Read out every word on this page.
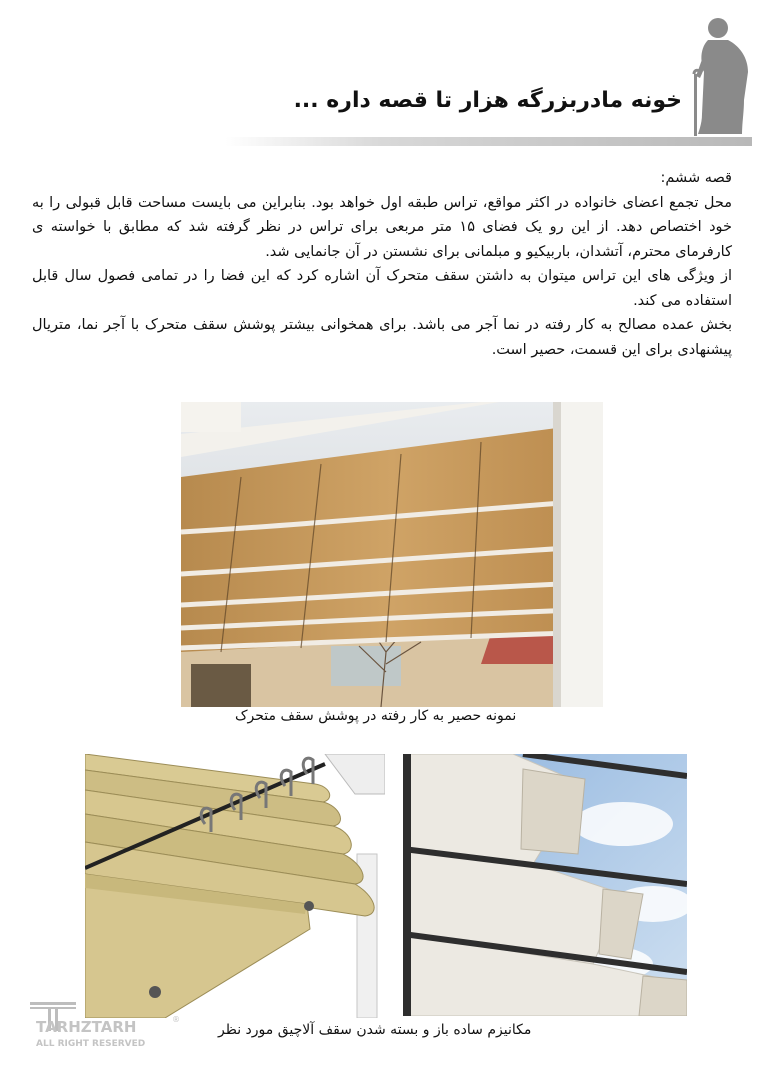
خونه مادربزرگه هزار تا قصه داره ...

قصه ششم:

محل تجمع اعضای خانواده در اکثر مواقع، تراس طبقه اول خواهد بود. بنابراین می بایست مساحت قابل قبولی را به خود اختصاص دهد. از این رو یک فضای ۱۵ متر مربعی برای تراس در نظر گرفته شد که مطابق با خواسته ی کارفرمای محترم، آتشدان، باربیکیو و مبلمانی برای نشستن در آن جانمایی شد.

از ویژگی های این تراس میتوان به داشتن سقف متحرک آن اشاره کرد که این فضا را در تمامی فصول سال قابل استفاده می کند.

بخش عمده مصالح به کار رفته در نما آجر می باشد. برای همخوانی بیشتر پوشش سقف متحرک با آجر نما، متریال پیشنهادی برای این قسمت، حصیر است.

نمونه حصیر به کار رفته در پوشش سقف متحرک
مکانیزم ساده باز و بسته شدن سقف آلاچیق مورد نظر
TARHZTARH	®
ALL RIGHT RESERVED
